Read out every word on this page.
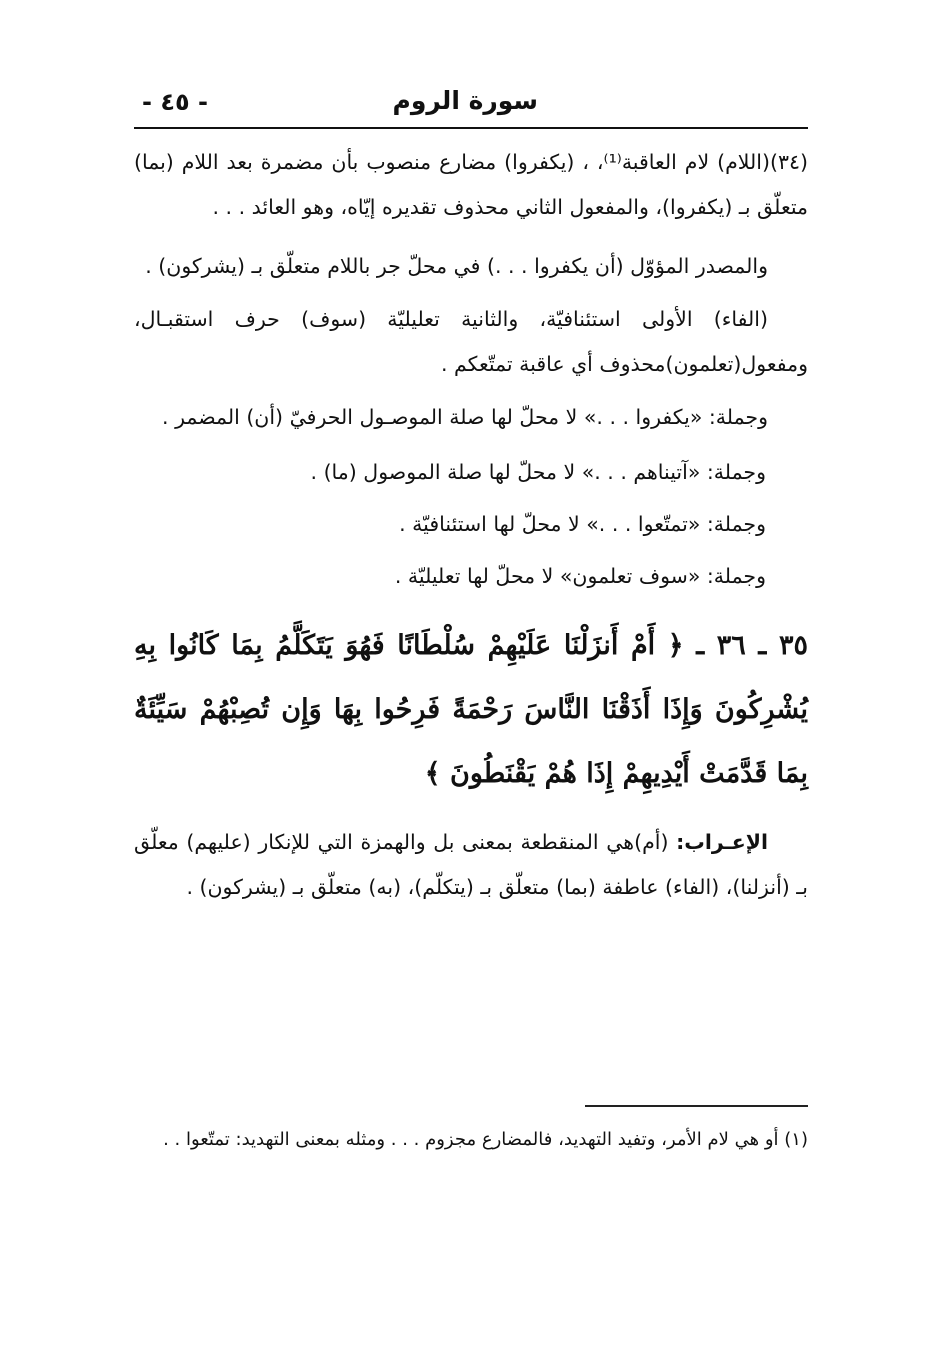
سورة الروم
- ٤٥ -

(٣٤)(اللام) لام العاقبة⁽¹⁾، ، (يكفروا) مضارع منصوب بأن مضمرة بعد اللام (بما) متعلّق بـ (يكفروا)، والمفعول الثاني محذوف تقديره إيّاه، وهو العائد . . .

والمصدر المؤوّل (أن يكفروا . . .) في محلّ جر باللام متعلّق بـ (يشركون) .

(الفاء) الأولى استئنافيّة، والثانية تعليليّة (سوف) حرف استقبـال، ومفعول(تعلمون)محذوف أي عاقبة تمتّعكم .

وجملة: «يكفروا . . .» لا محلّ لها صلة الموصـول الحرفيّ (أن) المضمر .

وجملة: «آتيناهم . . .» لا محلّ لها صلة الموصول (ما) .

وجملة: «تمتّعوا . . .» لا محلّ لها استئنافيّة .

وجملة: «سوف تعلمون» لا محلّ لها تعليليّة .

٣٥ ـ ٣٦ ـ ﴿ أَمْ أَنزَلْنَا عَلَيْهِمْ سُلْطَانًا فَهُوَ يَتَكَلَّمُ بِمَا كَانُوا بِهِ يُشْرِكُونَ وَإِذَا أَذَقْنَا النَّاسَ رَحْمَةً فَرِحُوا بِهَا وَإِن تُصِبْهُمْ سَيِّئَةٌ بِمَا قَدَّمَتْ أَيْدِيهِمْ إِذَا هُمْ يَقْنَطُونَ ﴾

الإعـراب: (أم)هي المنقطعة بمعنى بل والهمزة التي للإنكار (عليهم) معلّق بـ (أنزلنا)، (الفاء) عاطفة (بما) متعلّق بـ (يتكلّم)، (به) متعلّق بـ (يشركون) .

(١) أو هي لام الأمر، وتفيد التهديد، فالمضارع مجزوم . . . ومثله بمعنى التهديد: تمتّعوا . .
